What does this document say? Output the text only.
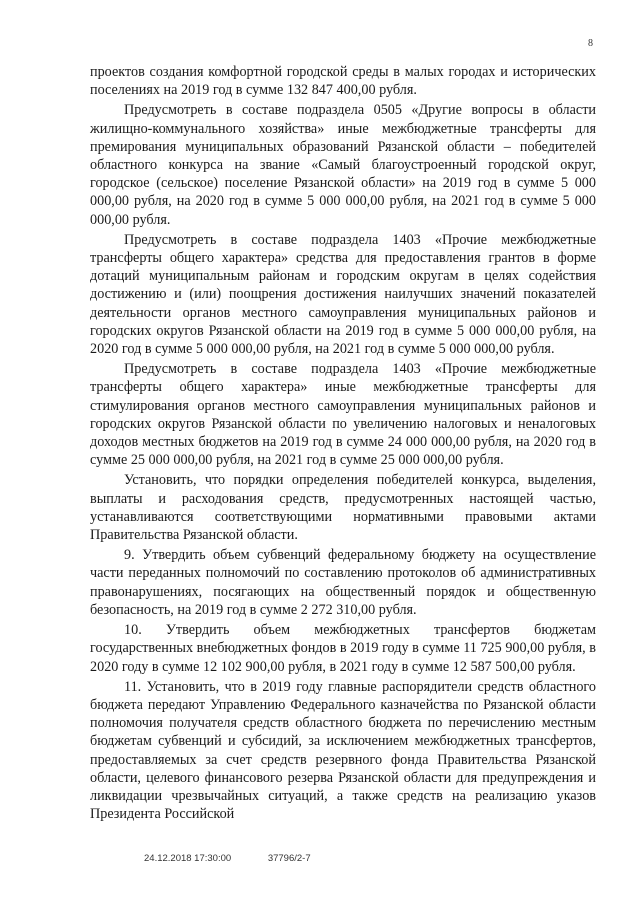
8

проектов создания комфортной городской среды в малых городах и исторических поселениях на 2019 год в сумме 132 847 400,00 рубля.

Предусмотреть в составе подраздела 0505 «Другие вопросы в области жилищно-коммунального хозяйства» иные межбюджетные трансферты для премирования муниципальных образований Рязанской области – победителей областного конкурса на звание «Самый благоустроенный городской округ, городское (сельское) поселение Рязанской области» на 2019 год в сумме 5 000 000,00 рубля, на 2020 год в сумме 5 000 000,00 рубля, на 2021 год в сумме 5 000 000,00 рубля.

Предусмотреть в составе подраздела 1403 «Прочие межбюджетные трансферты общего характера» средства для предоставления грантов в форме дотаций муниципальным районам и городским округам в целях содействия достижению и (или) поощрения достижения наилучших значений показателей деятельности органов местного самоуправления муниципальных районов и городских округов Рязанской области на 2019 год в сумме 5 000 000,00 рубля, на 2020 год в сумме 5 000 000,00 рубля, на 2021 год в сумме 5 000 000,00 рубля.

Предусмотреть в составе подраздела 1403 «Прочие межбюджетные трансферты общего характера» иные межбюджетные трансферты для стимулирования органов местного самоуправления муниципальных районов и городских округов Рязанской области по увеличению налоговых и неналоговых доходов местных бюджетов на 2019 год в сумме 24 000 000,00 рубля, на 2020 год в сумме 25 000 000,00 рубля, на 2021 год в сумме 25 000 000,00 рубля.

Установить, что порядки определения победителей конкурса, выделения, выплаты и расходования средств, предусмотренных настоящей частью, устанавливаются соответствующими нормативными правовыми актами Правительства Рязанской области.

9. Утвердить объем субвенций федеральному бюджету на осуществление части переданных полномочий по составлению протоколов об административных правонарушениях, посягающих на общественный порядок и общественную безопасность, на 2019 год в сумме 2 272 310,00 рубля.

10. Утвердить объем межбюджетных трансфертов бюджетам государственных внебюджетных фондов в 2019 году в сумме 11 725 900,00 рубля, в 2020 году в сумме 12 102 900,00 рубля, в 2021 году в сумме 12 587 500,00 рубля.

11. Установить, что в 2019 году главные распорядители средств областного бюджета передают Управлению Федерального казначейства по Рязанской области полномочия получателя средств областного бюджета по перечислению местным бюджетам субвенций и субсидий, за исключением межбюджетных трансфертов, предоставляемых за счет средств резервного фонда Правительства Рязанской области, целевого финансового резерва Рязанской области для предупреждения и ликвидации чрезвычайных ситуаций, а также средств на реализацию указов Президента Российской

24.12.2018 17:30:00	37796/2-7
